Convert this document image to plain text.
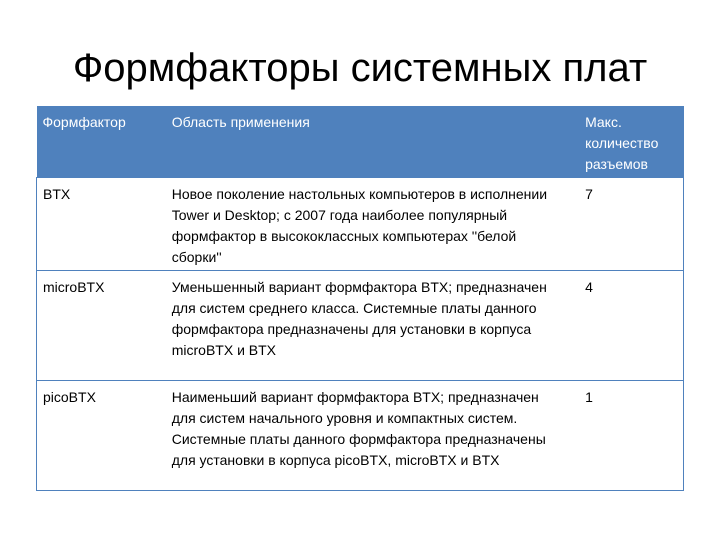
Формфакторы системных плат
Формфактор	Область применения	Макс. количество разъемов
BTX	Новое поколение настольных компьютеров в исполнении Tower и Desktop; с 2007 года наиболее популярный формфактор в высококлассных компьютерах ''белой сборки''	7
microBTX	Уменьшенный вариант формфактора BTX; предназначен для систем среднего класса. Системные платы данного формфактора предназначены для установки в корпуса microBTX и BTX	4
picoBTX	Наименьший вариант формфактора BTX; предназначен для систем начального уровня и компактных систем. Системные платы данного формфактора предназначены для установки в корпуса picoBTX, microBTX и BTX	1
